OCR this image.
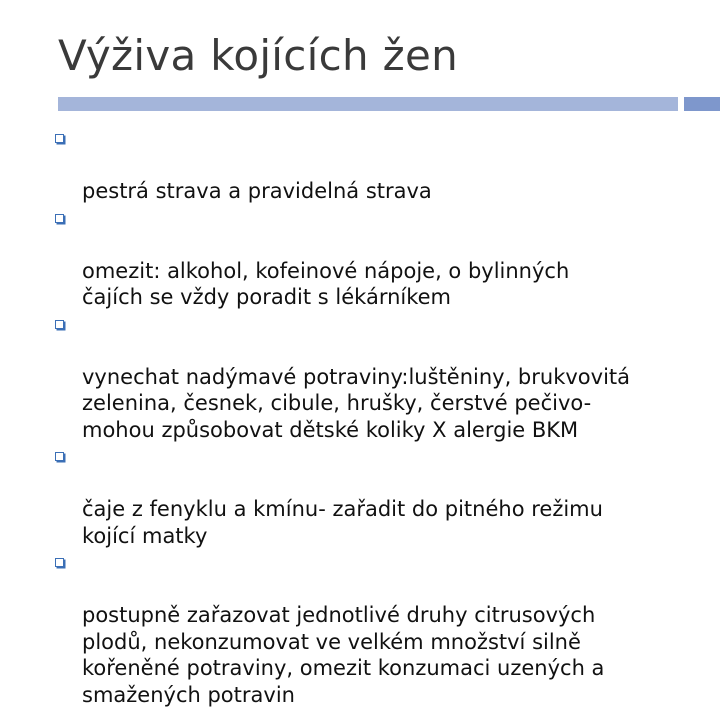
Výživa kojících žen

pestrá strava a pravidelná strava

omezit: alkohol, kofeinové nápoje, o bylinných
čajích se vždy poradit s lékárníkem

vynechat nadýmavé potraviny:luštěniny, brukvovitá
zelenina, česnek, cibule, hrušky, čerstvé pečivo-
mohou způsobovat dětské koliky X alergie BKM

čaje z fenyklu a kmínu- zařadit do pitného režimu
kojící matky

postupně zařazovat jednotlivé druhy citrusových
plodů, nekonzumovat ve velkém množství silně
kořeněné potraviny, omezit konzumaci uzených a
smažených potravin
